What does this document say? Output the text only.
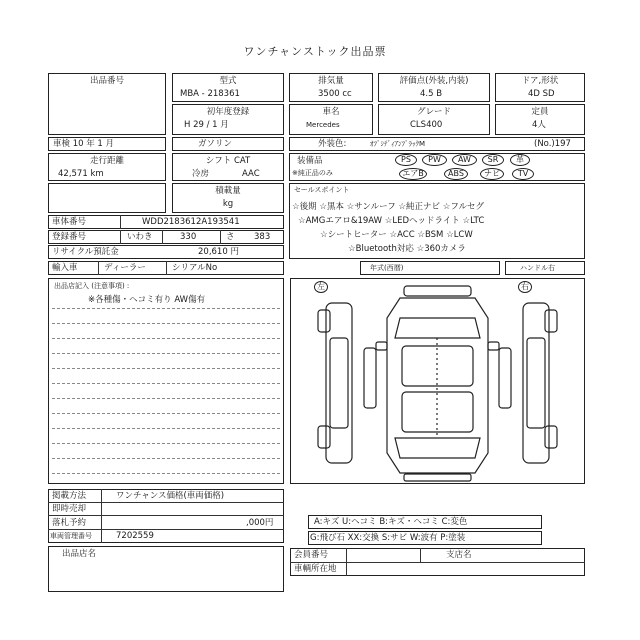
ワンチャンストック出品票
出品番号	型式
MBA - 218361
排気量
3500 cc
評価点(外装,内装)
4.5 B
ドア,形状
4D SD
初年度登録
H 29 / 1 月
車名
Mercedes
グレード
CLS400
定員
4人
車検 10 年 1 月	ガソリン	外装色:	ｵﾌﾞｼﾃﾞｨｱﾝﾌﾞﾗｯｸM	(No.)197
走行距離
42,571 km
シフト CAT
冷房	AAC
装備品
※純正品のみ
PS	PW	AW	SR	革
エアB	ABS	ナビ	TV
積載量
kg
セールスポイント
☆後期 ☆黒本 ☆サンルーフ ☆純正ナビ ☆フルセグ
☆AMGエアロ&19AW ☆LEDヘッドライト ☆LTC
☆シートヒーター ☆ACC ☆BSM ☆LCW
☆Bluetooth対応 ☆360カメラ
車体番号	WDD2183612A193541
登録番号	いわき	330	さ 383
リサイクル預託金	20,610 円
輸入車	ディーラー	シリアルNo	年式(西暦)	ハンドル右
出品店記入 (注意事項) :
※各種傷・ヘコミ有り AW傷有
左	右
掲載方法	ワンチャンス価格(車両価格)
即時売却
落札予約	,000円
車両管理番号	7202559
出品店名
A:キズ U:ヘコミ B:キズ・ヘコミ C:変色
G:飛び石 XX:交換 S:サビ W:波有 P:塗装
会員番号	支店名
車輌所在地
